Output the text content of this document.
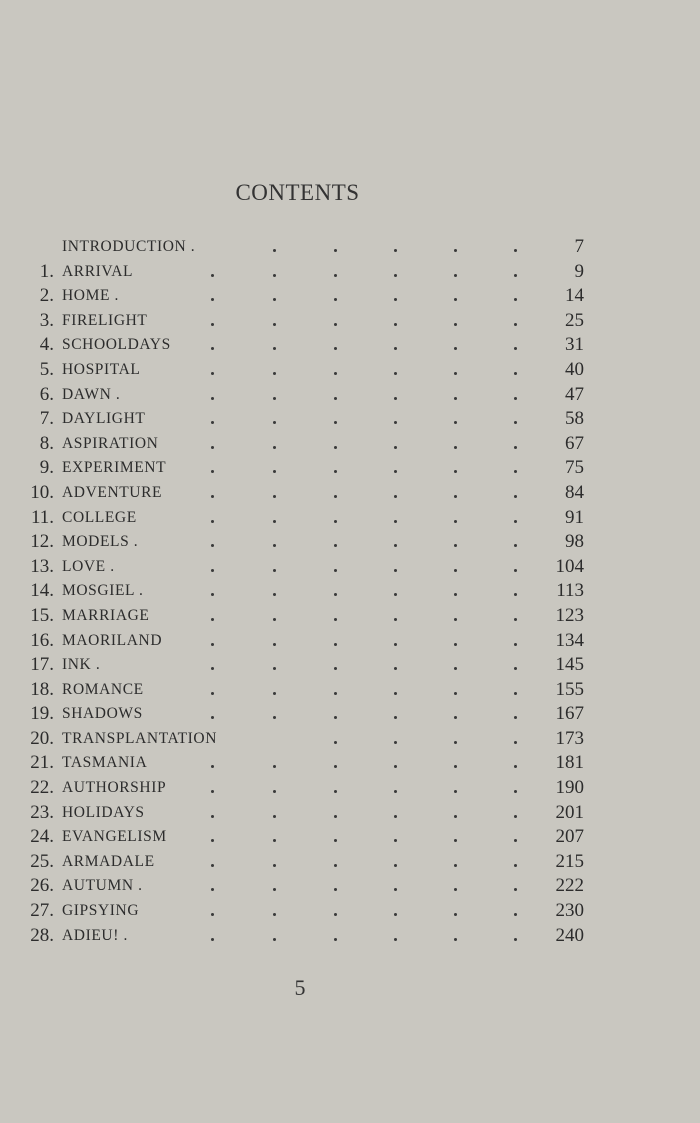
CONTENTS
INTRODUCTION .	7
1. ARRIVAL	9
2. HOME .	14
3. FIRELIGHT	25
4. SCHOOLDAYS	31
5. HOSPITAL	40
6. DAWN .	47
7. DAYLIGHT	58
8. ASPIRATION	67
9. EXPERIMENT	75
10. ADVENTURE	84
11. COLLEGE	91
12. MODELS .	98
13. LOVE .	104
14. MOSGIEL .	113
15. MARRIAGE	123
16. MAORILAND	134
17. INK .	145
18. ROMANCE	155
19. SHADOWS	167
20. TRANSPLANTATION	173
21. TASMANIA	181
22. AUTHORSHIP	190
23. HOLIDAYS	201
24. EVANGELISM	207
25. ARMADALE	215
26. AUTUMN .	222
27. GIPSYING	230
28. ADIEU! .	240
5
